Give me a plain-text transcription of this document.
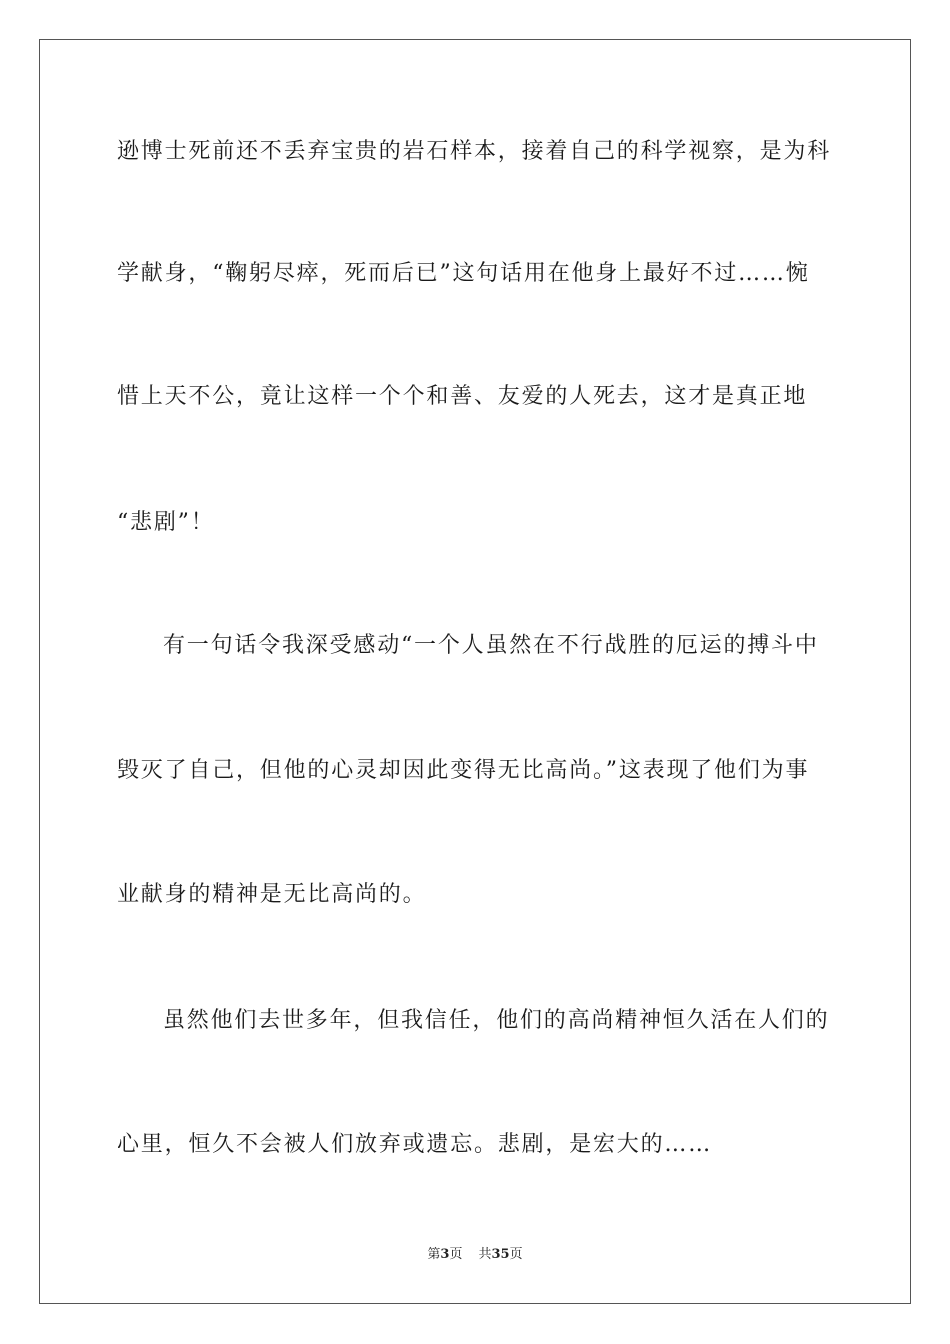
逊博士死前还不丢弃宝贵的岩石样本，接着自己的科学视察，是为科
学献身，“鞠躬尽瘁，死而后已”这句话用在他身上最好不过……惋
惜上天不公，竟让这样一个个和善、友爱的人死去，这才是真正地
“悲剧”！
有一句话令我深受感动“一个人虽然在不行战胜的厄运的搏斗中
毁灭了自己，但他的心灵却因此变得无比高尚。”这表现了他们为事
业献身的精神是无比高尚的。
虽然他们去世多年，但我信任，他们的高尚精神恒久活在人们的
心里，恒久不会被人们放弃或遗忘。悲剧，是宏大的……
第3页 共35页
